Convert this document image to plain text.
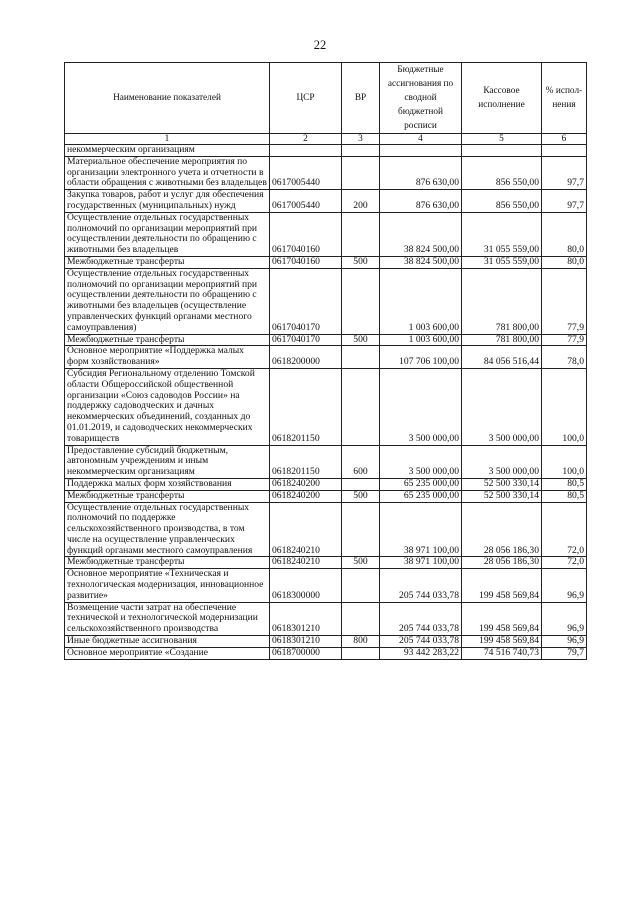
22
Наименование показателей	ЦСР	ВР	Бюджетные ассигнования по сводной бюджетной росписи	Кассовое исполнение	% испол-нения
1	2	3	4	5	6
некоммерческим организациям					
Материальное обеспечение мероприятия по организации электронного учета и отчетности в области обращения с животными без владельцев	0617005440		876 630,00	856 550,00	97,7
Закупка товаров, работ и услуг для обеспечения государственных (муниципальных) нужд	0617005440	200	876 630,00	856 550,00	97,7
Осуществление отдельных государственных полномочий по организации мероприятий при осуществлении деятельности по обращению с животными без владельцев	0617040160		38 824 500,00	31 055 559,00	80,0
Межбюджетные трансферты	0617040160	500	38 824 500,00	31 055 559,00	80,0
Осуществление отдельных государственных полномочий по организации мероприятий при осуществлении деятельности по обращению с животными без владельцев (осуществление управленческих функций органами местного самоуправления)	0617040170		1 003 600,00	781 800,00	77,9
Межбюджетные трансферты	0617040170	500	1 003 600,00	781 800,00	77,9
Основное мероприятие «Поддержка малых форм хозяйствования»	0618200000		107 706 100,00	84 056 516,44	78,0
Субсидия Региональному отделению Томской области Общероссийской общественной организации «Союз садоводов России» на поддержку садоводческих и дачных некоммерческих объединений, созданных до 01.01.2019, и садоводческих некоммерческих товариществ	0618201150		3 500 000,00	3 500 000,00	100,0
Предоставление субсидий бюджетным, автономным учреждениям и иным некоммерческим организациям	0618201150	600	3 500 000,00	3 500 000,00	100,0
Поддержка малых форм хозяйствования	0618240200		65 235 000,00	52 500 330,14	80,5
Межбюджетные трансферты	0618240200	500	65 235 000,00	52 500 330,14	80,5
Осуществление отдельных государственных полномочий по поддержке сельскохозяйственного производства, в том числе на осуществление управленческих функций органами местного самоуправления	0618240210		38 971 100,00	28 056 186,30	72,0
Межбюджетные трансферты	0618240210	500	38 971 100,00	28 056 186,30	72,0
Основное мероприятие «Техническая и технологическая модернизация, инновационное развитие»	0618300000		205 744 033,78	199 458 569,84	96,9
Возмещение части затрат на обеспечение технической и технологической модернизации сельскохозяйственного производства	0618301210		205 744 033,78	199 458 569,84	96,9
Иные бюджетные ассигнования	0618301210	800	205 744 033,78	199 458 569,84	96,9
Основное мероприятие «Создание	0618700000		93 442 283,22	74 516 740,73	79,7
